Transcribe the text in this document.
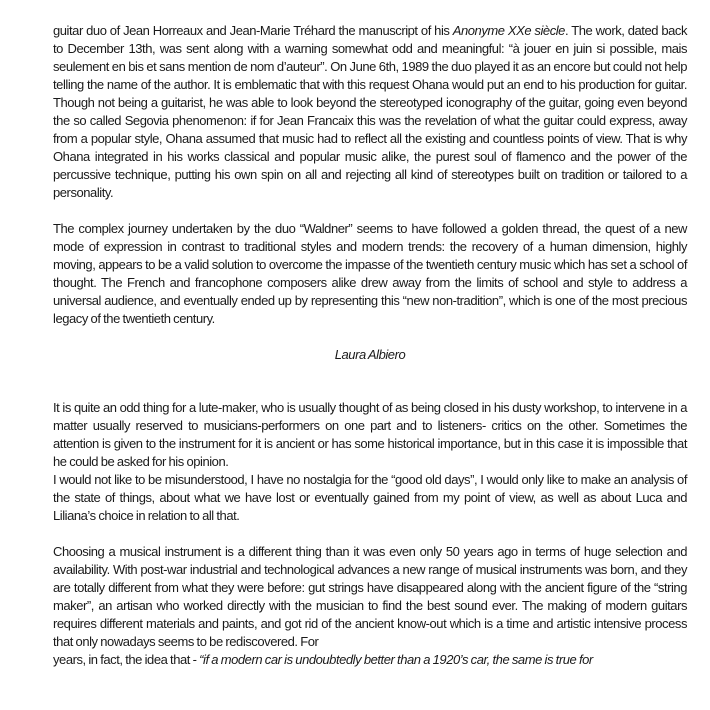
guitar duo of Jean Horreaux and Jean-Marie Tréhard the manuscript of his Anonyme XXe siècle. The work, dated back to December 13th, was sent along with a warning somewhat odd and meaningful: “à jouer en juin si possible, mais seulement en bis et sans mention de nom d’auteur”. On June 6th, 1989 the duo played it as an encore but could not help telling the name of the author. It is emblematic that with this request Ohana would put an end to his production for guitar. Though not being a guitarist, he was able to look beyond the stereotyped iconography of the guitar, going even beyond the so called Segovia phenomenon: if for Jean Francaix this was the revelation of what the guitar could express, away from a popular style, Ohana assumed that music had to reflect all the existing and countless points of view. That is why Ohana integrated in his works classical and popular music alike, the purest soul of flamenco and the power of the percussive technique, putting his own spin on all and rejecting all kind of stereotypes built on tradition or tailored to a personality.

The complex journey undertaken by the duo “Waldner” seems to have followed a golden thread, the quest of a new mode of expression in contrast to traditional styles and modern trends: the recovery of a human dimension, highly moving, appears to be a valid solution to overcome the impasse of the twentieth century music which has set a school of thought. The French and francophone composers alike drew away from the limits of school and style to address a universal audience, and eventually ended up by representing this “new non-tradition”, which is one of the most precious legacy of the twentieth century.

Laura Albiero

It is quite an odd thing for a lute-maker, who is usually thought of as being closed in his dusty workshop, to intervene in a matter usually reserved to musicians-performers on one part and to listeners- critics on the other. Sometimes the attention is given to the instrument for it is ancient or has some historical importance, but in this case it is impossible that he could be asked for his opinion.

I would not like to be misunderstood, I have no nostalgia for the “good old days”, I would only like to make an analysis of the state of things, about what we have lost or eventually gained from my point of view, as well as about Luca and Liliana’s choice in relation to all that.

Choosing a musical instrument is a different thing than it was even only 50 years ago in terms of huge selection and availability. With post-war industrial and technological advances a new range of musical instruments was born, and they are totally different from what they were before: gut strings have disappeared along with the ancient figure of the “string maker”, an artisan who worked directly with the musician to find the best sound ever. The making of modern guitars requires different materials and paints, and got rid of the ancient know-out which is a time and artistic intensive process that only nowadays seems to be rediscovered. For

years, in fact, the idea that - “if a modern car is undoubtedly better than a 1920’s car, the same is true for
